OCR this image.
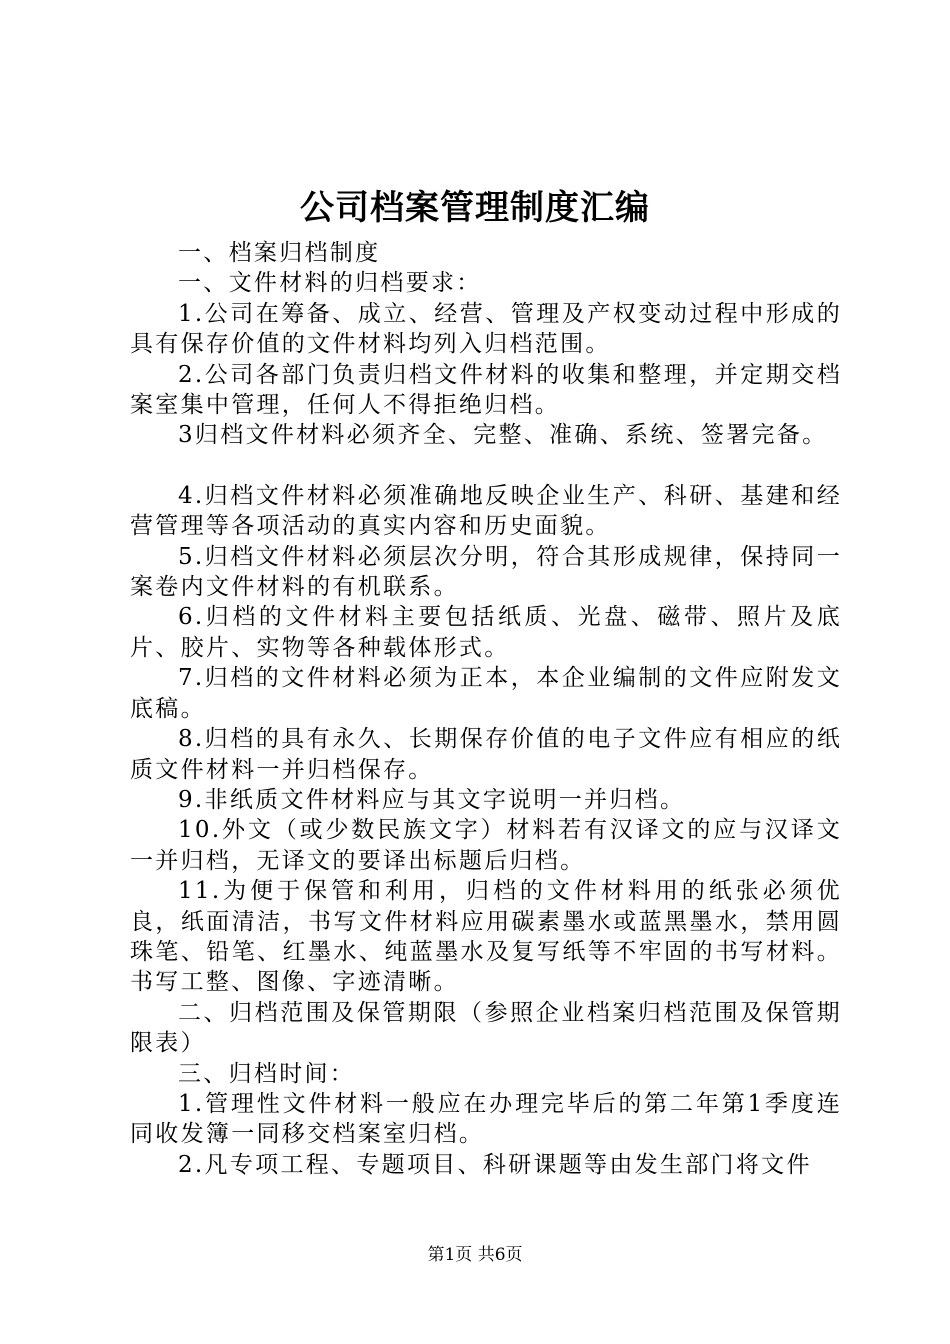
公司档案管理制度汇编

一、档案归档制度

一、文件材料的归档要求：

1.公司在筹备、成立、经营、管理及产权变动过程中形成的具有保存价值的文件材料均列入归档范围。

2.公司各部门负责归档文件材料的收集和整理，并定期交档案室集中管理，任何人不得拒绝归档。

3归档文件材料必须齐全、完整、准确、系统、签署完备。

4.归档文件材料必须准确地反映企业生产、科研、基建和经营管理等各项活动的真实内容和历史面貌。

5.归档文件材料必须层次分明，符合其形成规律，保持同一案卷内文件材料的有机联系。

6.归档的文件材料主要包括纸质、光盘、磁带、照片及底片、胶片、实物等各种载体形式。

7.归档的文件材料必须为正本，本企业编制的文件应附发文底稿。

8.归档的具有永久、长期保存价值的电子文件应有相应的纸质文件材料一并归档保存。

9.非纸质文件材料应与其文字说明一并归档。

10.外文（或少数民族文字）材料若有汉译文的应与汉译文一并归档，无译文的要译出标题后归档。

11.为便于保管和利用，归档的文件材料用的纸张必须优良，纸面清洁，书写文件材料应用碳素墨水或蓝黑墨水，禁用圆珠笔、铅笔、红墨水、纯蓝墨水及复写纸等不牢固的书写材料。书写工整、图像、字迹清晰。

二、归档范围及保管期限（参照企业档案归档范围及保管期限表）

三、归档时间：

1.管理性文件材料一般应在办理完毕后的第二年第1季度连同收发簿一同移交档案室归档。

2.凡专项工程、专题项目、科研课题等由发生部门将文件

第1页 共6页
